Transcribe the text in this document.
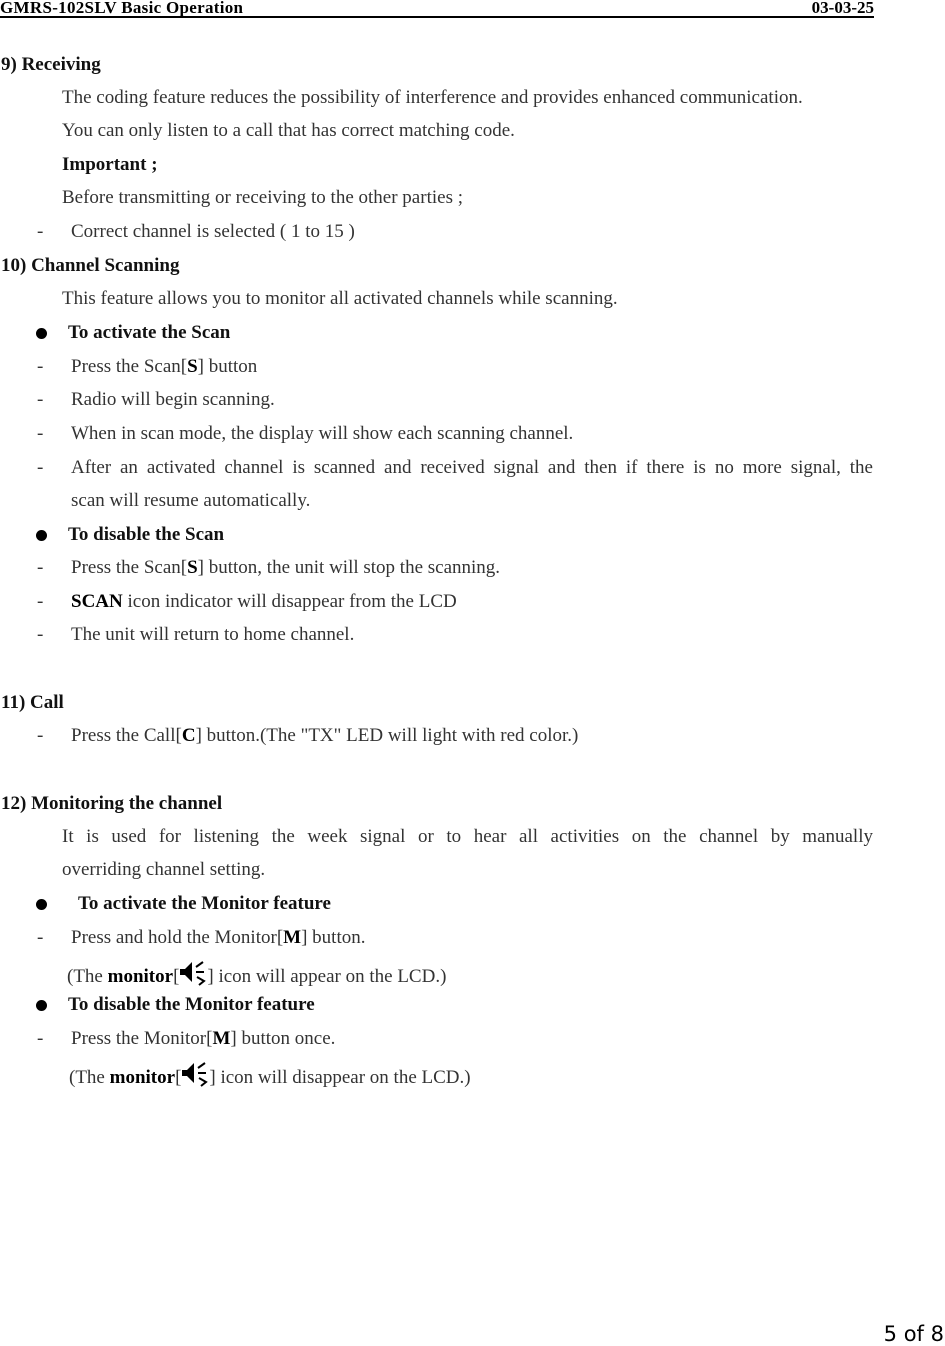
GMRS-102SLV Basic Operation	03-03-25
9) Receiving
The coding feature reduces the possibility of interference and provides enhanced communication.
You can only listen to a call that has correct matching code.
Important ;
Before transmitting or receiving to the other parties ;
- Correct channel is selected ( 1 to 15 )
10) Channel Scanning
This feature allows you to monitor all activated channels while scanning.
To activate the Scan
- Press the Scan[S] button
- Radio will begin scanning.
- When in scan mode, the display will show each scanning channel.
- After an activated channel is scanned and received signal and then if there is no more signal, the
scan will resume automatically.
To disable the Scan
- Press the Scan[S] button, the unit will stop the scanning.
- SCAN icon indicator will disappear from the LCD
- The unit will return to home channel.
11) Call
- Press the Call[C] button.(The "TX" LED will light with red color.)
12) Monitoring the channel
It is used for listening the week signal or to hear all activities on the channel by manually
overriding channel setting.
To activate the Monitor feature
- Press and hold the Monitor[M] button.
(The monitor[ ] icon will appear on the LCD.)
To disable the Monitor feature
- Press the Monitor[M] button once.
(The monitor[ ] icon will disappear on the LCD.)
5 of 8
